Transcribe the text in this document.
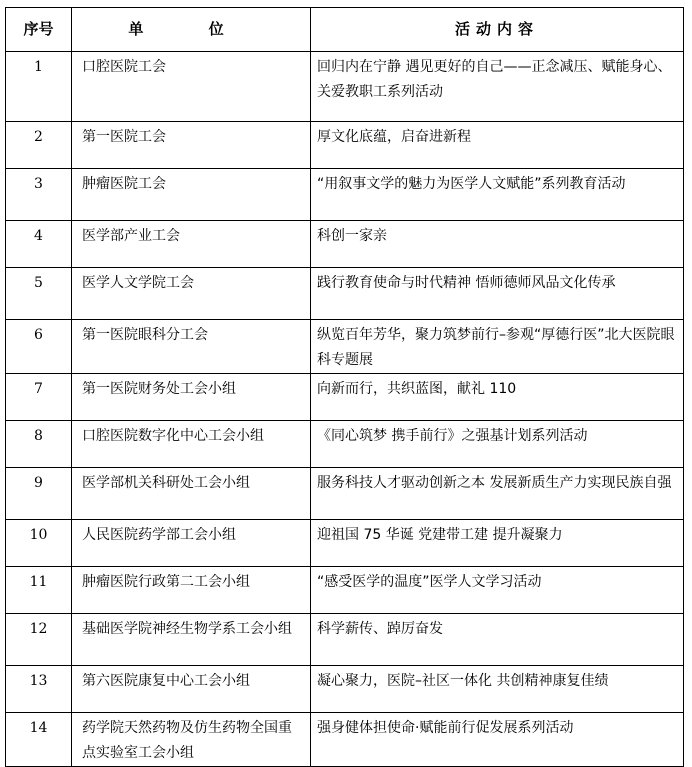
序号	单 位	活动内容
1	口腔医院工会	回归内在宁静 遇见更好的自己——正念减压、赋能身心、关爱教职工系列活动
2	第一医院工会	厚文化底蕴，启奋进新程
3	肿瘤医院工会	“用叙事文学的魅力为医学人文赋能”系列教育活动
4	医学部产业工会	科创一家亲
5	医学人文学院工会	践行教育使命与时代精神 悟师德师风品文化传承
6	第一医院眼科分工会	纵览百年芳华，聚力筑梦前行–参观“厚德行医”北大医院眼科专题展
7	第一医院财务处工会小组	向新而行，共织蓝图，献礼 110
8	口腔医院数字化中心工会小组	《同心筑梦 携手前行》之强基计划系列活动
9	医学部机关科研处工会小组	服务科技人才驱动创新之本 发展新质生产力实现民族自强
10	人民医院药学部工会小组	迎祖国 75 华诞 党建带工建 提升凝聚力
11	肿瘤医院行政第二工会小组	“感受医学的温度”医学人文学习活动
12	基础医学院神经生物学系工会小组	科学薪传、踔厉奋发
13	第六医院康复中心工会小组	凝心聚力，医院–社区一体化 共创精神康复佳绩
14	药学院天然药物及仿生药物全国重点实验室工会小组	强身健体担使命·赋能前行促发展系列活动
